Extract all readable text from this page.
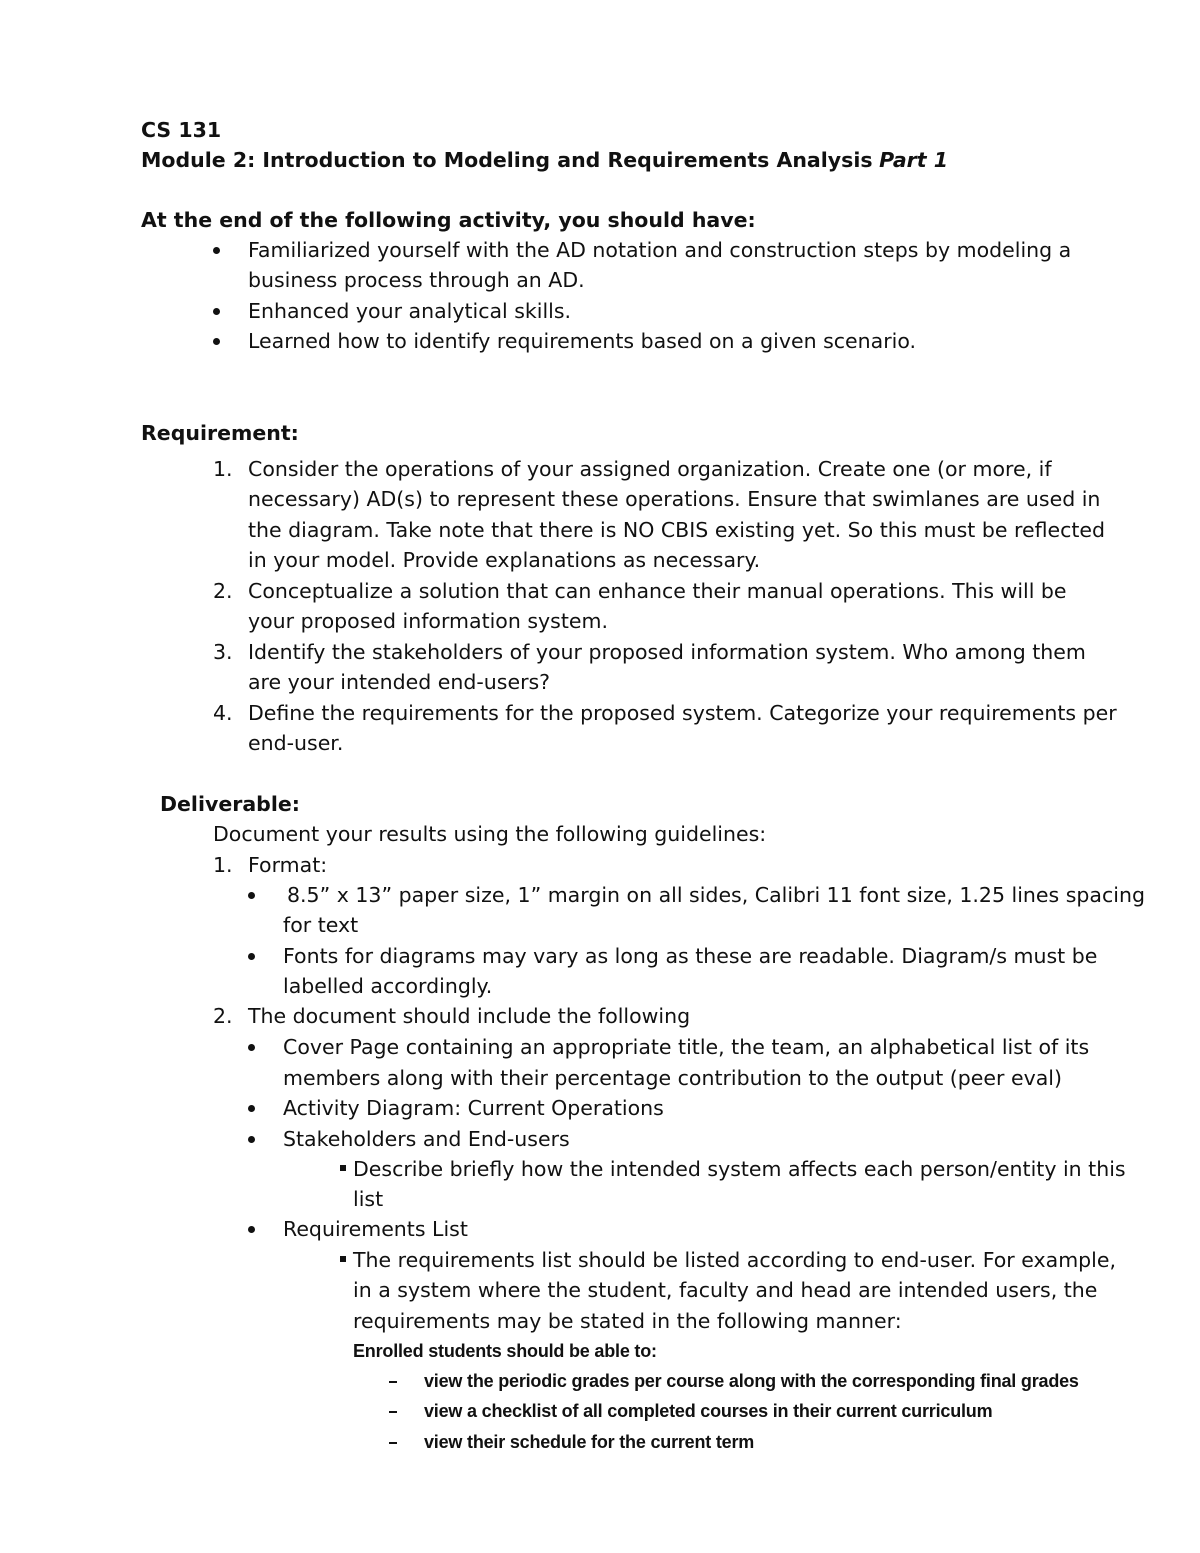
CS 131
Module 2: Introduction to Modeling and Requirements Analysis Part 1
At the end of the following activity, you should have:
Familiarized yourself with the AD notation and construction steps by modeling a
business process through an AD.
Enhanced your analytical skills.
Learned how to identify requirements based on a given scenario.
Requirement:
1. Consider the operations of your assigned organization. Create one (or more, if
necessary) AD(s) to represent these operations. Ensure that swimlanes are used in
the diagram. Take note that there is NO CBIS existing yet. So this must be reflected
in your model. Provide explanations as necessary.
2. Conceptualize a solution that can enhance their manual operations. This will be
your proposed information system.
3. Identify the stakeholders of your proposed information system. Who among them
are your intended end-users?
4. Define the requirements for the proposed system. Categorize your requirements per
end-user.
Deliverable:
Document your results using the following guidelines:
1. Format:
8.5” x 13” paper size, 1” margin on all sides, Calibri 11 font size, 1.25 lines spacing
for text
Fonts for diagrams may vary as long as these are readable. Diagram/s must be
labelled accordingly.
2. The document should include the following
Cover Page containing an appropriate title, the team, an alphabetical list of its
members along with their percentage contribution to the output (peer eval)
Activity Diagram: Current Operations
Stakeholders and End-users
Describe briefly how the intended system affects each person/entity in this
list
Requirements List
The requirements list should be listed according to end-user. For example,
in a system where the student, faculty and head are intended users, the
requirements may be stated in the following manner:
Enrolled students should be able to:
view the periodic grades per course along with the corresponding final grades
view a checklist of all completed courses in their current curriculum
view their schedule for the current term
